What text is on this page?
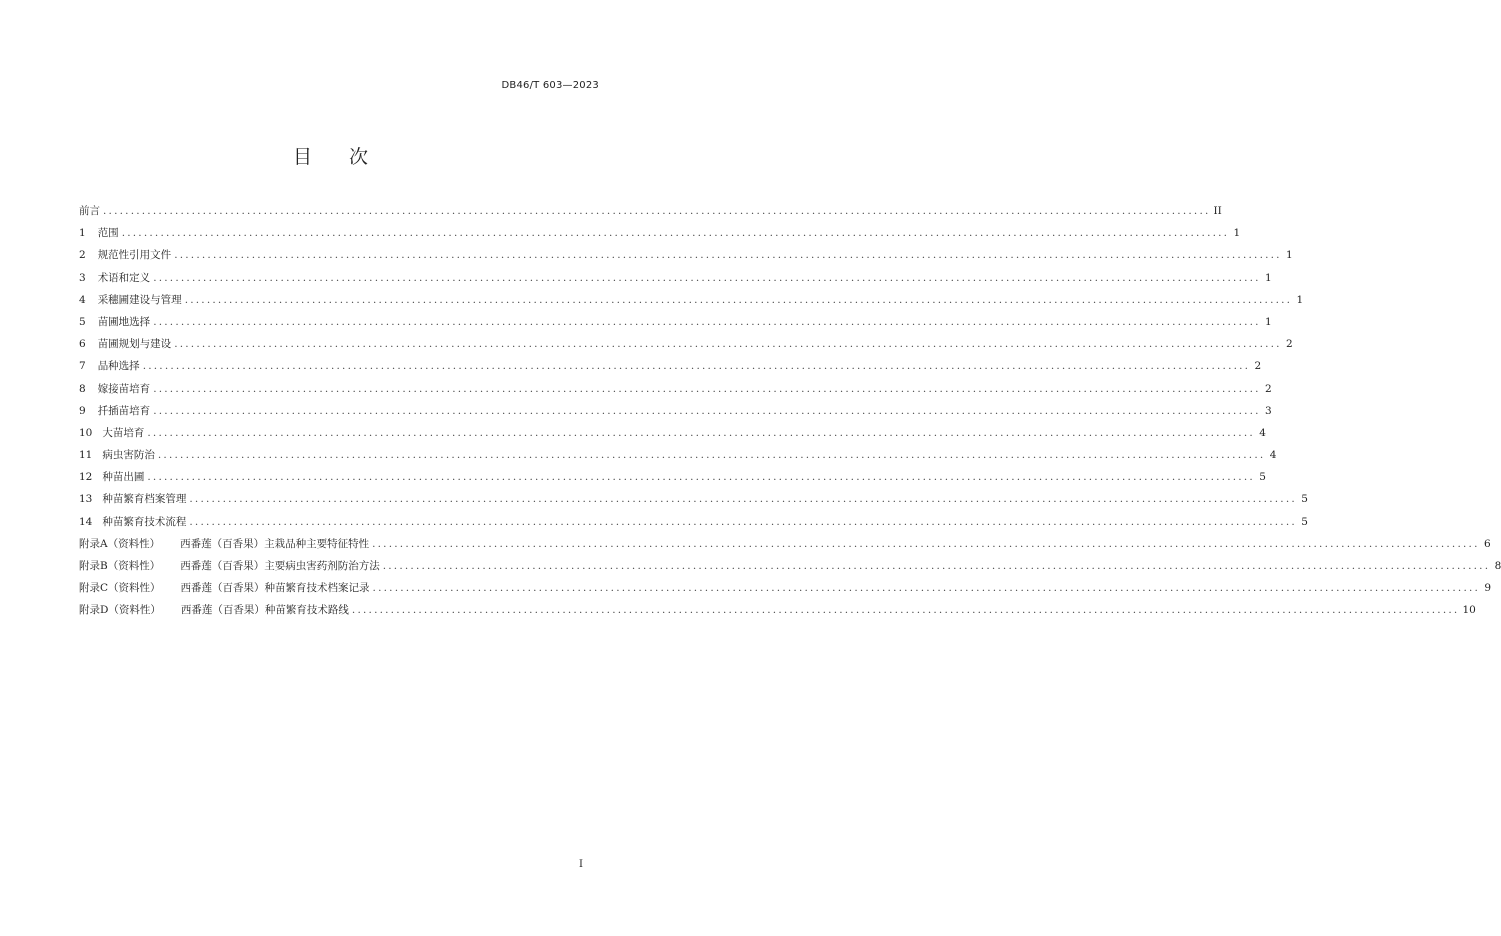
DB46/T 603—2023
目 次
前言 ........................................................................................................................................................................................................ II
1 范围 ........................................................................................................................................................................................................ 1
2 规范性引用文件 ........................................................................................................................................................................................................ 1
3 术语和定义 ........................................................................................................................................................................................................ 1
4 采穗圃建设与管理 ........................................................................................................................................................................................................ 1
5 苗圃地选择 ........................................................................................................................................................................................................ 1
6 苗圃规划与建设 ........................................................................................................................................................................................................ 2
7 品种选择 ........................................................................................................................................................................................................ 2
8 嫁接苗培育 ........................................................................................................................................................................................................ 2
9 扦插苗培育 ........................................................................................................................................................................................................ 3
10 大苗培育 ........................................................................................................................................................................................................ 4
11 病虫害防治 ........................................................................................................................................................................................................ 4
12 种苗出圃 ........................................................................................................................................................................................................ 5
13 种苗繁育档案管理 ........................................................................................................................................................................................................ 5
14 种苗繁育技术流程 ........................................................................................................................................................................................................ 5
附录A（资料性） 西番莲（百香果）主栽品种主要特征特性 ........................................................................................................................................................................................................ 6
附录B（资料性） 西番莲（百香果）主要病虫害药剂防治方法 ........................................................................................................................................................................................................ 8
附录C（资料性） 西番莲（百香果）种苗繁育技术档案记录 ........................................................................................................................................................................................................ 9
附录D（资料性） 西番莲（百香果）种苗繁育技术路线 ........................................................................................................................................................................................................ 10
I
